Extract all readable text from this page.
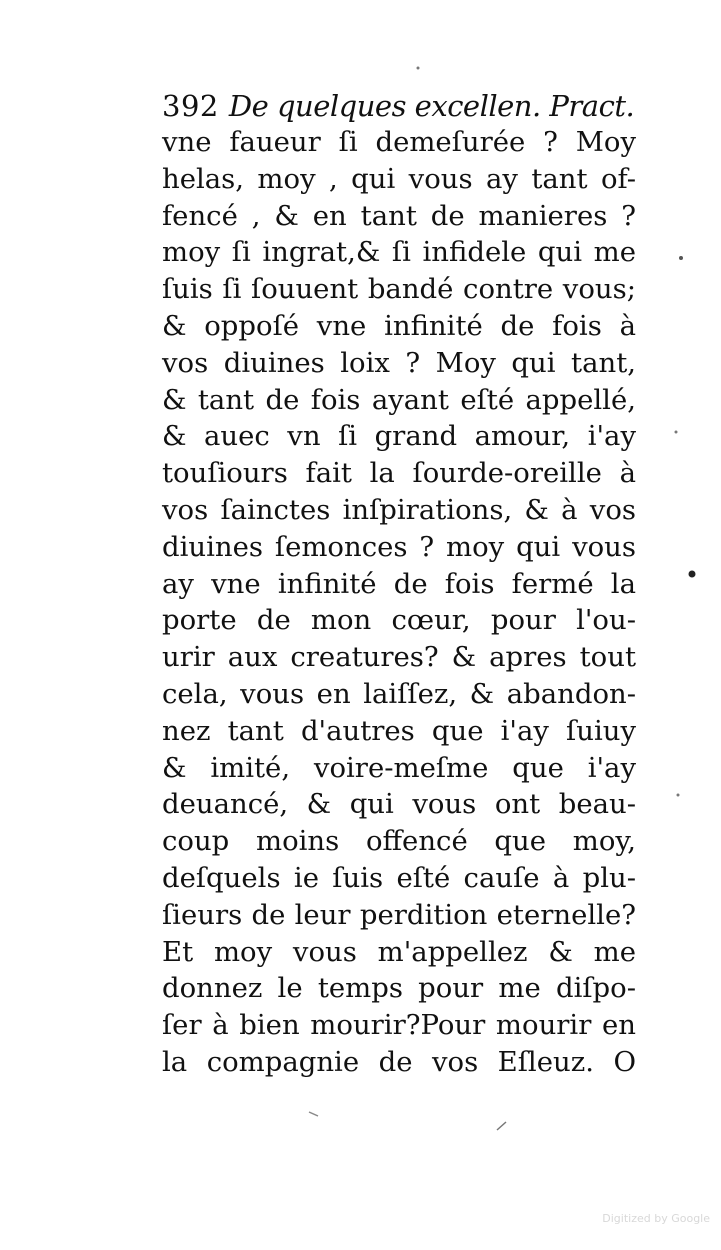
392 De quelques excellen. Pract.
vne faueur ſi demeſurée ? Moy
helas, moy , qui vous ay tant of-
fencé , & en tant de manieres ?
moy ſi ingrat,& ſi infidele qui me
ſuis ſi ſouuent bandé contre vous;
& oppoſé vne infinité de fois à
vos diuines loix ? Moy qui tant,
& tant de fois ayant eſté appellé,
& auec vn ſi grand amour, i'ay
touſiours fait la ſourde-oreille à
vos ſainctes inſpirations, & à vos
diuines ſemonces ? moy qui vous
ay vne infinité de fois fermé la
porte de mon cœur, pour l'ou-
urir aux creatures? & apres tout
cela, vous en laiſſez, & abandon-
nez tant d'autres que i'ay ſuiuy
& imité, voire-meſme que i'ay
deuancé, & qui vous ont beau-
coup moins offencé que moy,
deſquels ie ſuis eſté cauſe à plu-
ſieurs de leur perdition eternelle?
Et moy vous m'appellez & me
donnez le temps pour me diſpo-
ſer à bien mourir?Pour mourir en
la compagnie de vos Eſleuz. O
Digitized by Google
